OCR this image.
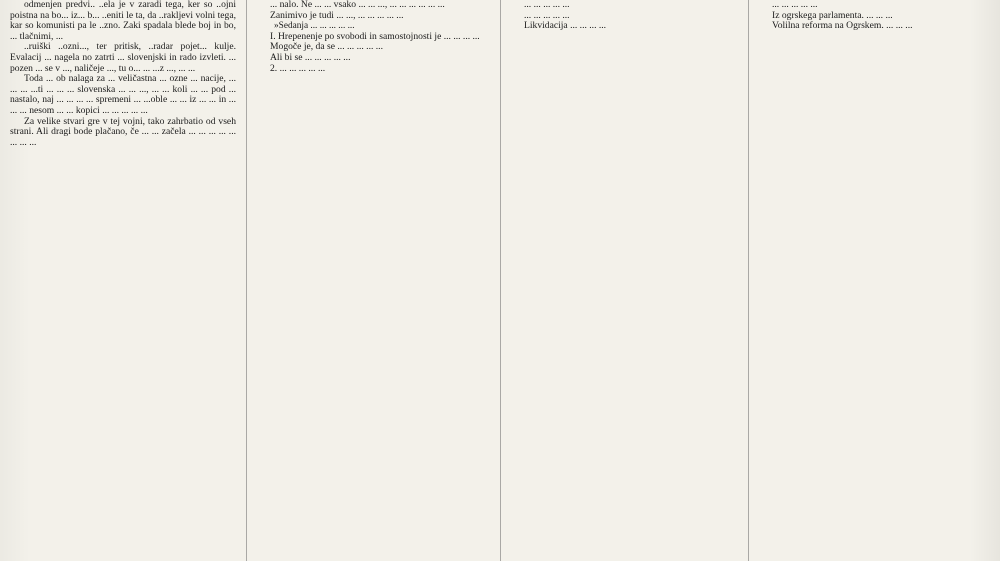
odmenjen predvi.. ..ela je v zaradi tega, ker so ..ojni poistna na bo... iz... b... ..eniti le ta, da ..rakljevi volni tega, kar so komunisti pa le ..zno. Zaki spadala blede boj in bo, ... tlačnimi, ...

..ruiški ..ozni..., ter pritisk, ..radar pojet... kulje. Evalacij ... nagela no zatrti ... slovenjski in rado izvleti. ... pozen ... se v ..., naličeje ..., tu o... ... ...z ..., ... ...

Toda ... ob nalaga za ... veličastna ... ozne ... nacije, ... ... ... ...ti ... ... ... slovenska ... ... ..., ... ... koli ... ... pod ... nastalo, naj ... ... ... ... spremeni ... ...oble ... ... iz ... ... in ... ... ... nesom ... ... kopici ... ... ... ... ...

Za velike stvari gre v tej vojni, tako zahrbatio od vseh strani. Ali dragi bode plačano, če ... ... začela ... ... ... ... ... ... ... ...

... nalo. Ne ... ... vsako ... ... ..., ... ... ... ... ... ...

Zanimivo je tudi ... ..., ... ... ... ... ...

»Sedanja ... ... ... ... ...

I. Hrepenenje po svobodi in samostojnosti je ... ... ... ...

Mogoče je, da se ... ... ... ... ...

Ali bi se ... ... ... ... ...

2. ... ... ... ... ...

... ... ... ... ...

... ... ... ... ...

Likvidacija ... ... ... ...

... ... ... ... ...

Iz ogrskega parlamenta. ... ... ...

Volilna reforma na Ogrskem. ... ... ...
